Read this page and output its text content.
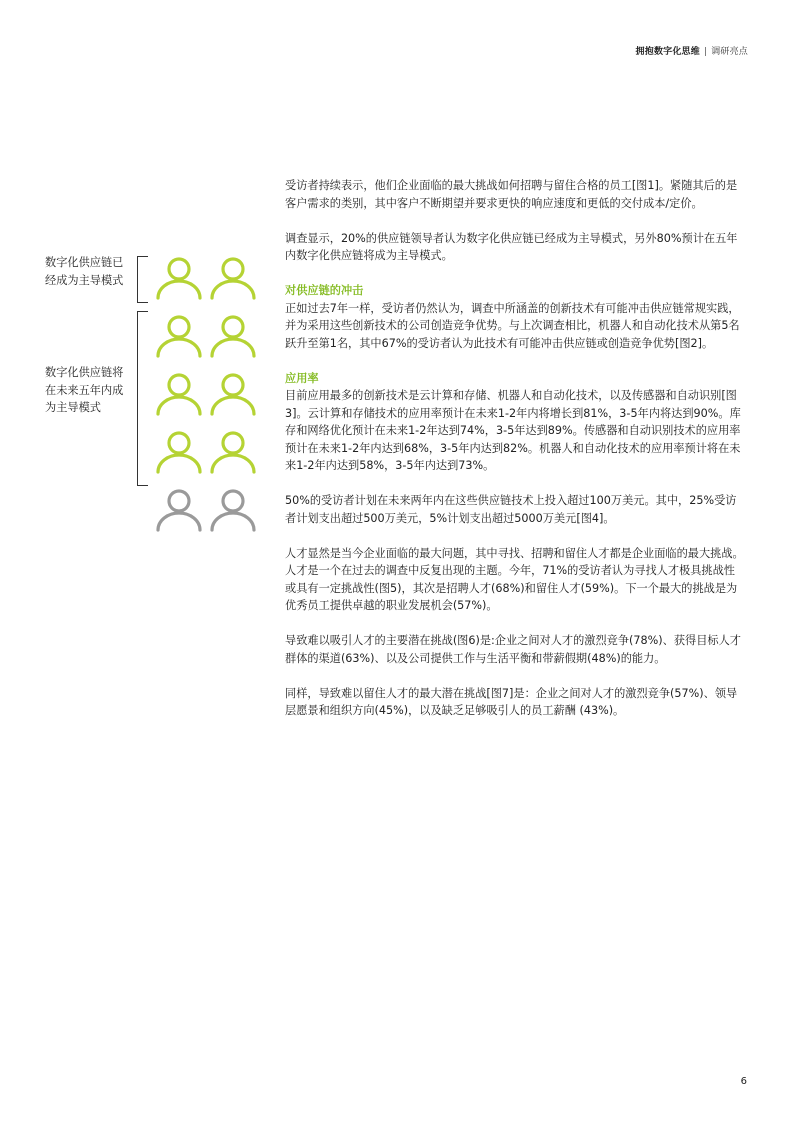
拥抱数字化思维 | 调研亮点
数字化供应链已经成为主导模式
数字化供应链将在未来五年内成为主导模式

受访者持续表示，他们企业面临的最大挑战如何招聘与留住合格的员工[图1]。紧随其后的是客户需求的类别，其中客户不断期望并要求更快的响应速度和更低的交付成本/定价。

调查显示，20%的供应链领导者认为数字化供应链已经成为主导模式，另外80%预计在五年内数字化供应链将成为主导模式。

对供应链的冲击

正如过去7年一样，受访者仍然认为，调查中所涵盖的创新技术有可能冲击供应链常规实践，并为采用这些创新技术的公司创造竞争优势。与上次调查相比，机器人和自动化技术从第5名跃升至第1名，其中67%的受访者认为此技术有可能冲击供应链或创造竞争优势[图2]。

应用率

目前应用最多的创新技术是云计算和存储、机器人和自动化技术，以及传感器和自动识别[图3]。云计算和存储技术的应用率预计在未来1-2年内将增长到81%，3-5年内将达到90%。库存和网络优化预计在未来1-2年达到74%，3-5年达到89%。传感器和自动识别技术的应用率预计在未来1-2年内达到68%，3-5年内达到82%。机器人和自动化技术的应用率预计将在未来1-2年内达到58%，3-5年内达到73%。

50%的受访者计划在未来两年内在这些供应链技术上投入超过100万美元。其中，25%受访者计划支出超过500万美元，5%计划支出超过5000万美元[图4]。

人才显然是当今企业面临的最大问题，其中寻找、招聘和留住人才都是企业面临的最大挑战。人才是一个在过去的调查中反复出现的主题。今年，71%的受访者认为寻找人才极具挑战性或具有一定挑战性(图5)，其次是招聘人才(68%)和留住人才(59%)。下一个最大的挑战是为优秀员工提供卓越的职业发展机会(57%)。

导致难以吸引人才的主要潜在挑战(图6)是:企业之间对人才的激烈竞争(78%)、获得目标人才群体的渠道(63%)、以及公司提供工作与生活平衡和带薪假期(48%)的能力。

同样，导致难以留住人才的最大潜在挑战[图7]是：企业之间对人才的激烈竞争(57%)、领导层愿景和组织方向(45%)，以及缺乏足够吸引人的员工薪酬 (43%)。

6
